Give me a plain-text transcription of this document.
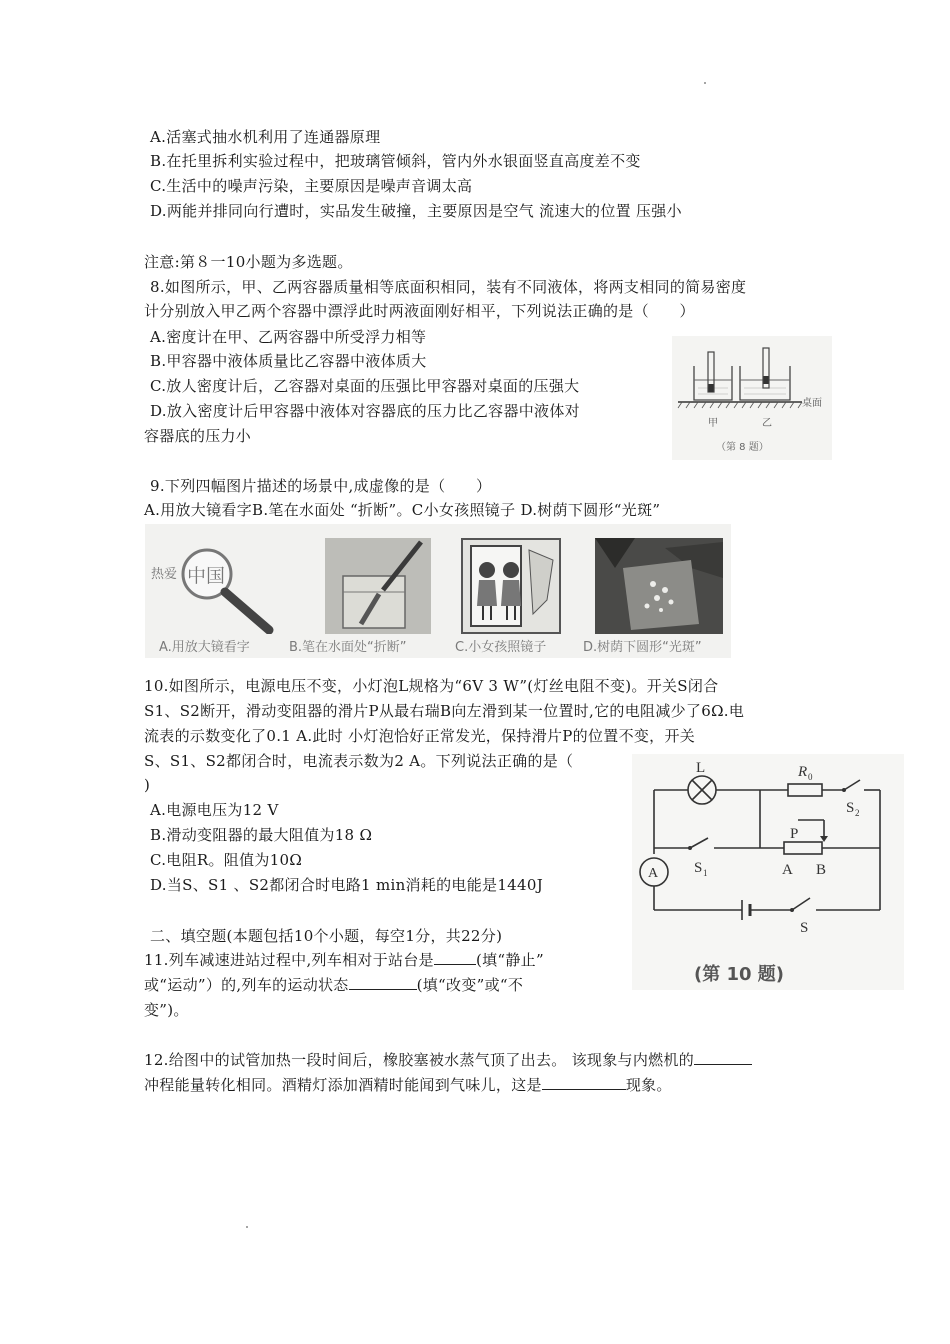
A.活塞式抽水机利用了连通器原理
B.在托里拆利实验过程中，把玻璃管倾斜，管内外水银面竖直高度差不变
C.生活中的噪声污染，主要原因是噪声音调太高
D.两能并排同向行遭时，实品发生破撞，主要原因是空气 流速大的位置 压强小
注意:第８一10小题为多选题。
8.如图所示，甲、乙两容器质量相等底面积相同，装有不同液体，将两支相同的简易密度
计分别放入甲乙两个容器中漂浮此时两液面刚好相平，下列说法正确的是（　　）
A.密度计在甲、乙两容器中所受浮力相等
B.甲容器中液体质量比乙容器中液体质大
C.放人密度计后，乙容器对桌面的压强比甲容器对桌面的压强大
D.放入密度计后甲容器中液体对容器底的压力比乙容器中液体对
容器底的压力小
桌面
甲	乙
（第 8 题）
9.下列四幅图片描述的场景中,成虚像的是（　　）
A.用放大镜看字B.笔在水面处 “折断”。C小女孩照镜子 D.树荫下圆形“光斑”
热爱 中国
A.用放大镜看字	B.笔在水面处“折断”	C.小女孩照镜子	D.树荫下圆形“光斑”
10.如图所示，电源电压不变，小灯泡L规格为“6V 3 W”(灯丝电阻不变)。开关S闭合
S1、S2断开，滑动变阻器的滑片P从最右瑞B向左滑到某一位置时,它的电阻减少了6Ω.电
流表的示数变化了0.1 A.此时 小灯泡恰好正常发光，保持滑片P的位置不变，开关
S、S1、S2都闭合时，电流表示数为2 A。下列说法正确的是（
)
A.电源电压为12 V
B.滑动变阻器的最大阻值为18 Ω
C.电阻R。阻值为10Ω
D.当S、S1 、S2都闭合时电路1 min消耗的电能是1440J
L	R 0
S 2
P
A B
S 1
A
S
(第 10 题)
二、填空题(本题包括10个小题，每空1分，共22分)
11.列车减速进站过程中,列车相对于站台是	(填“静止”
或“运动”）的,列车的运动状态	(填“改变”或“不
变”)。
12.给图中的试管加热一段时间后，橡胶塞被水蒸气顶了出去。 该现象与内燃机的
冲程能量转化相同。酒精灯添加酒精时能闻到气味儿，这是	现象。
